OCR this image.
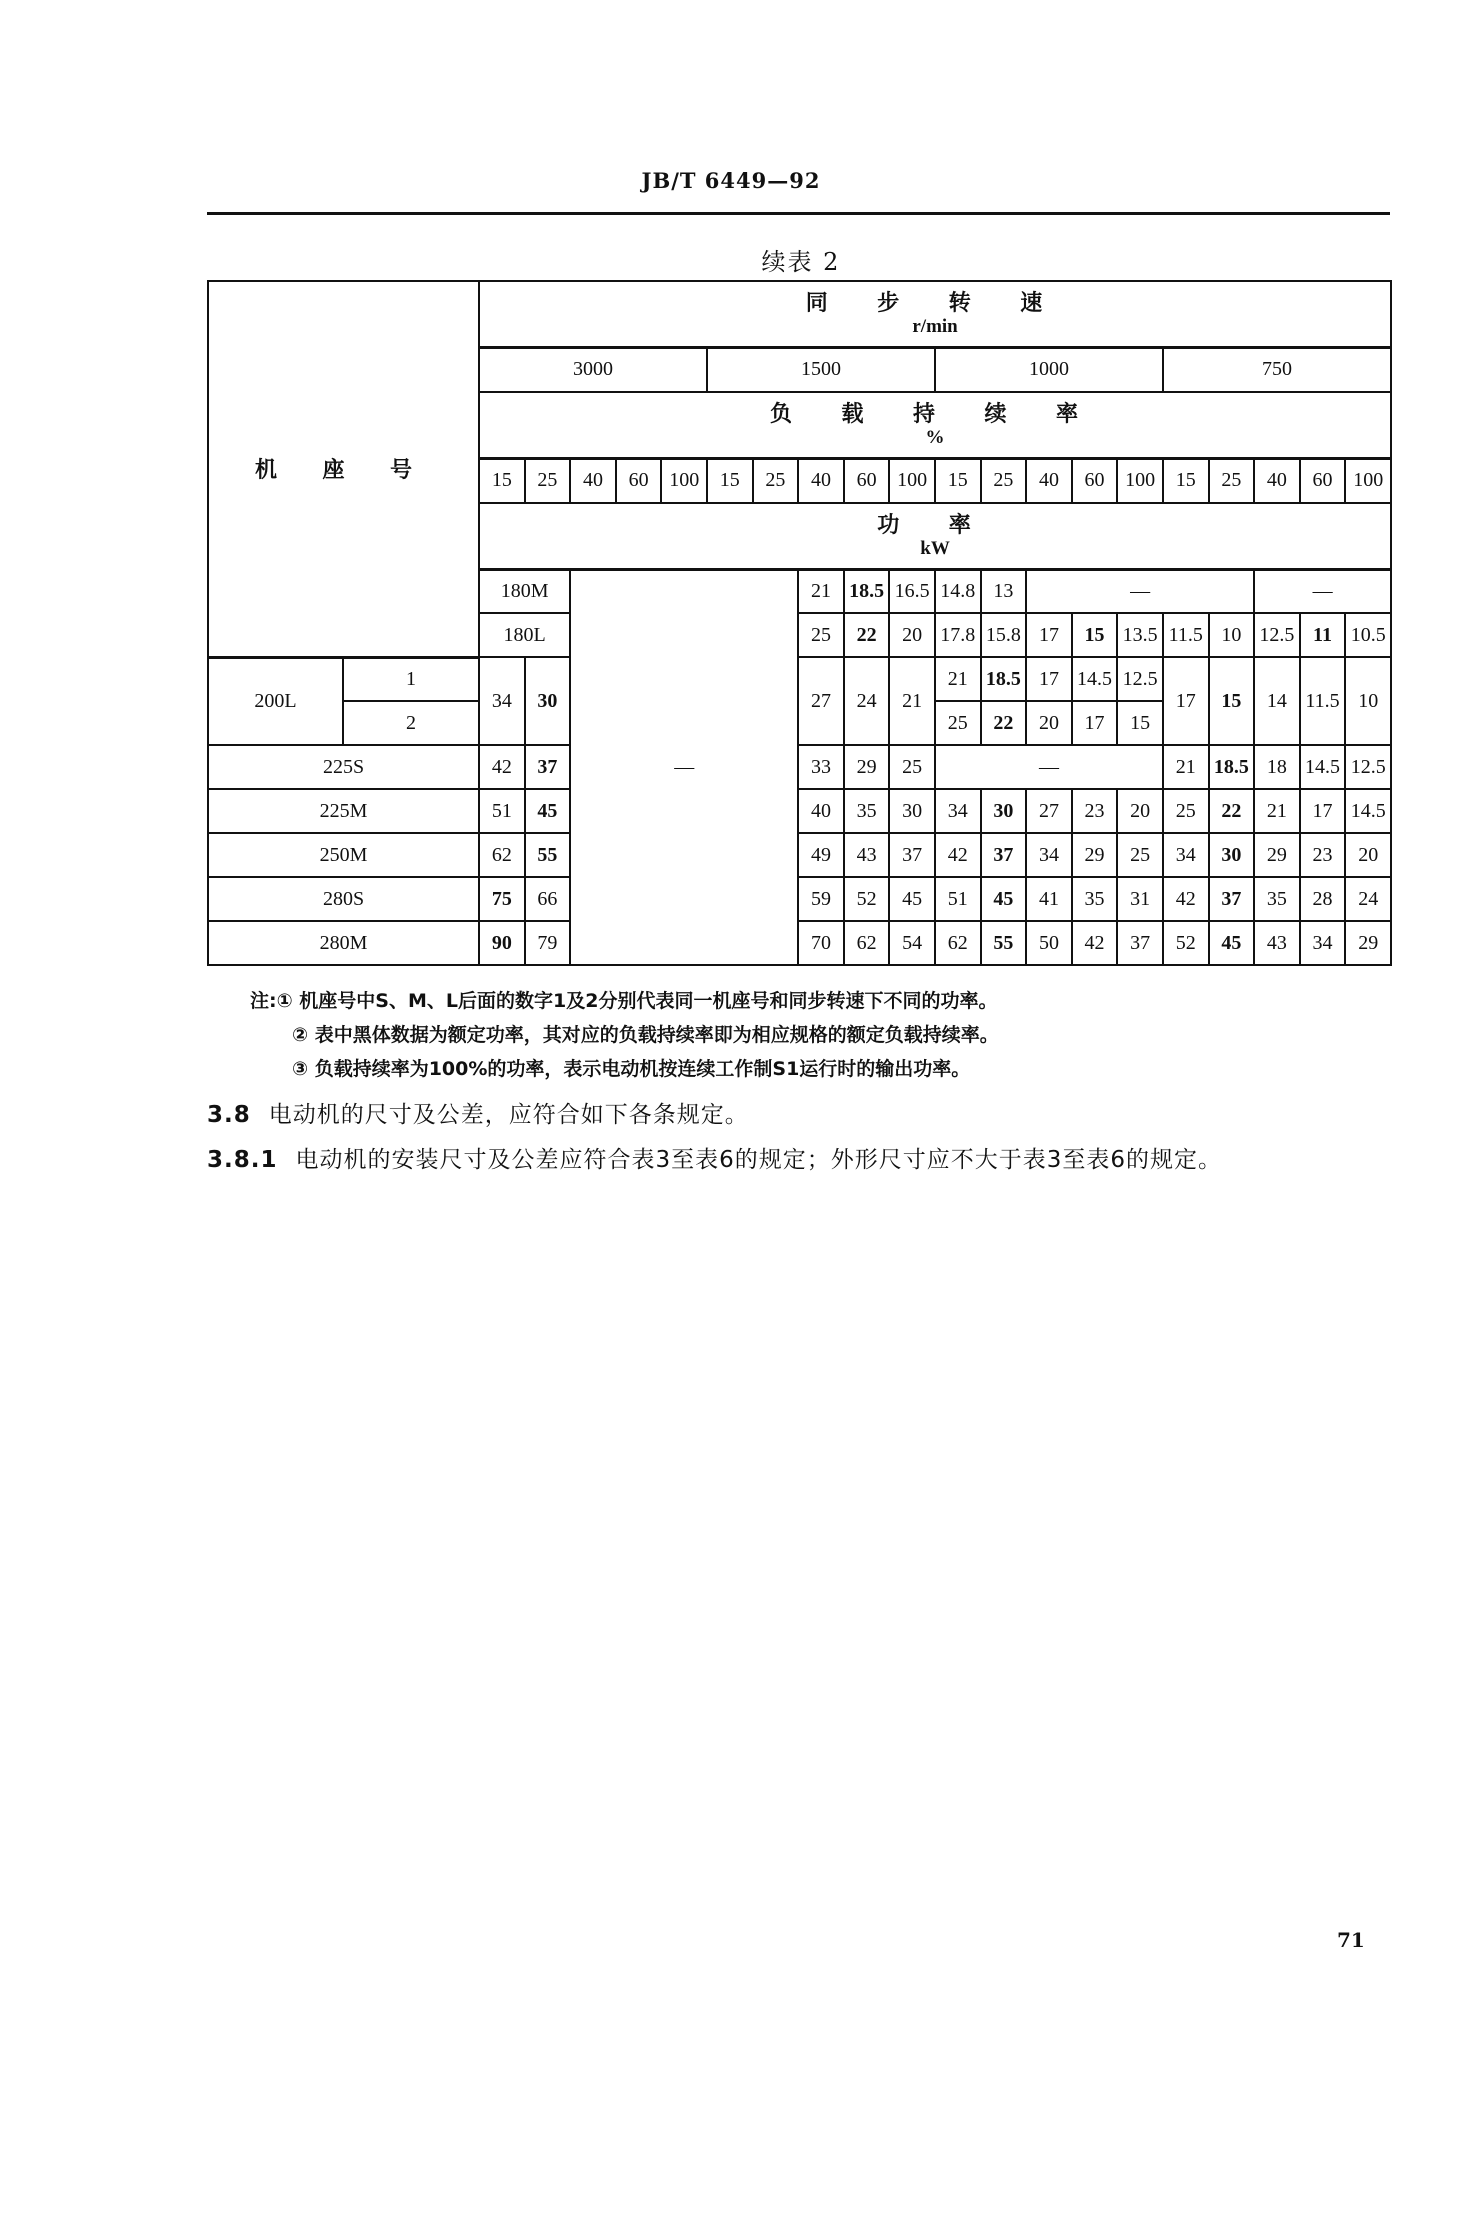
JB/T 6449—92
续表 2
机 座 号		同 步 转 速
r/min																				

		3000					1500					1000					750					

		负 载 持 续 率
%																				

		15	25	40	60	100	15	25	40	60	100	15	25	40	60	100	15	25	40	60	100	

		功 率
kW																				

		180M		—					21	18.5	16.5	14.8	13	—					—			
		180L							25	22	20	17.8	15.8	17	15	13.5	11.5	10	12.5	11	10.5		
200L	1	34	30						27	24	21	21	18.5	17	14.5	12.5	17	15	14	11.5	10	
	2											25	22	20	17	15						
225S		42	37						33	29	25	—					21	18.5	18	14.5	12.5	
225M		51	45						40	35	30	34	30	27	23	20	25	22	21	17	14.5	
250M		62	55						49	43	37	42	37	34	29	25	34	30	29	23	20	
280S		75	66						59	52	45	51	45	41	35	31	42	37	35	28	24	
280M		90	79						70	62	54	62	55	50	42	37	52	45	43	34	29	
注:① 机座号中S、M、L后面的数字1及2分别代表同一机座号和同步转速下不同的功率。
② 表中黑体数据为额定功率，其对应的负载持续率即为相应规格的额定负载持续率。
③ 负载持续率为100%的功率，表示电动机按连续工作制S1运行时的输出功率。
3.8 电动机的尺寸及公差，应符合如下各条规定。
3.8.1 电动机的安装尺寸及公差应符合表3至表6的规定；外形尺寸应不大于表3至表6的规定。
71
